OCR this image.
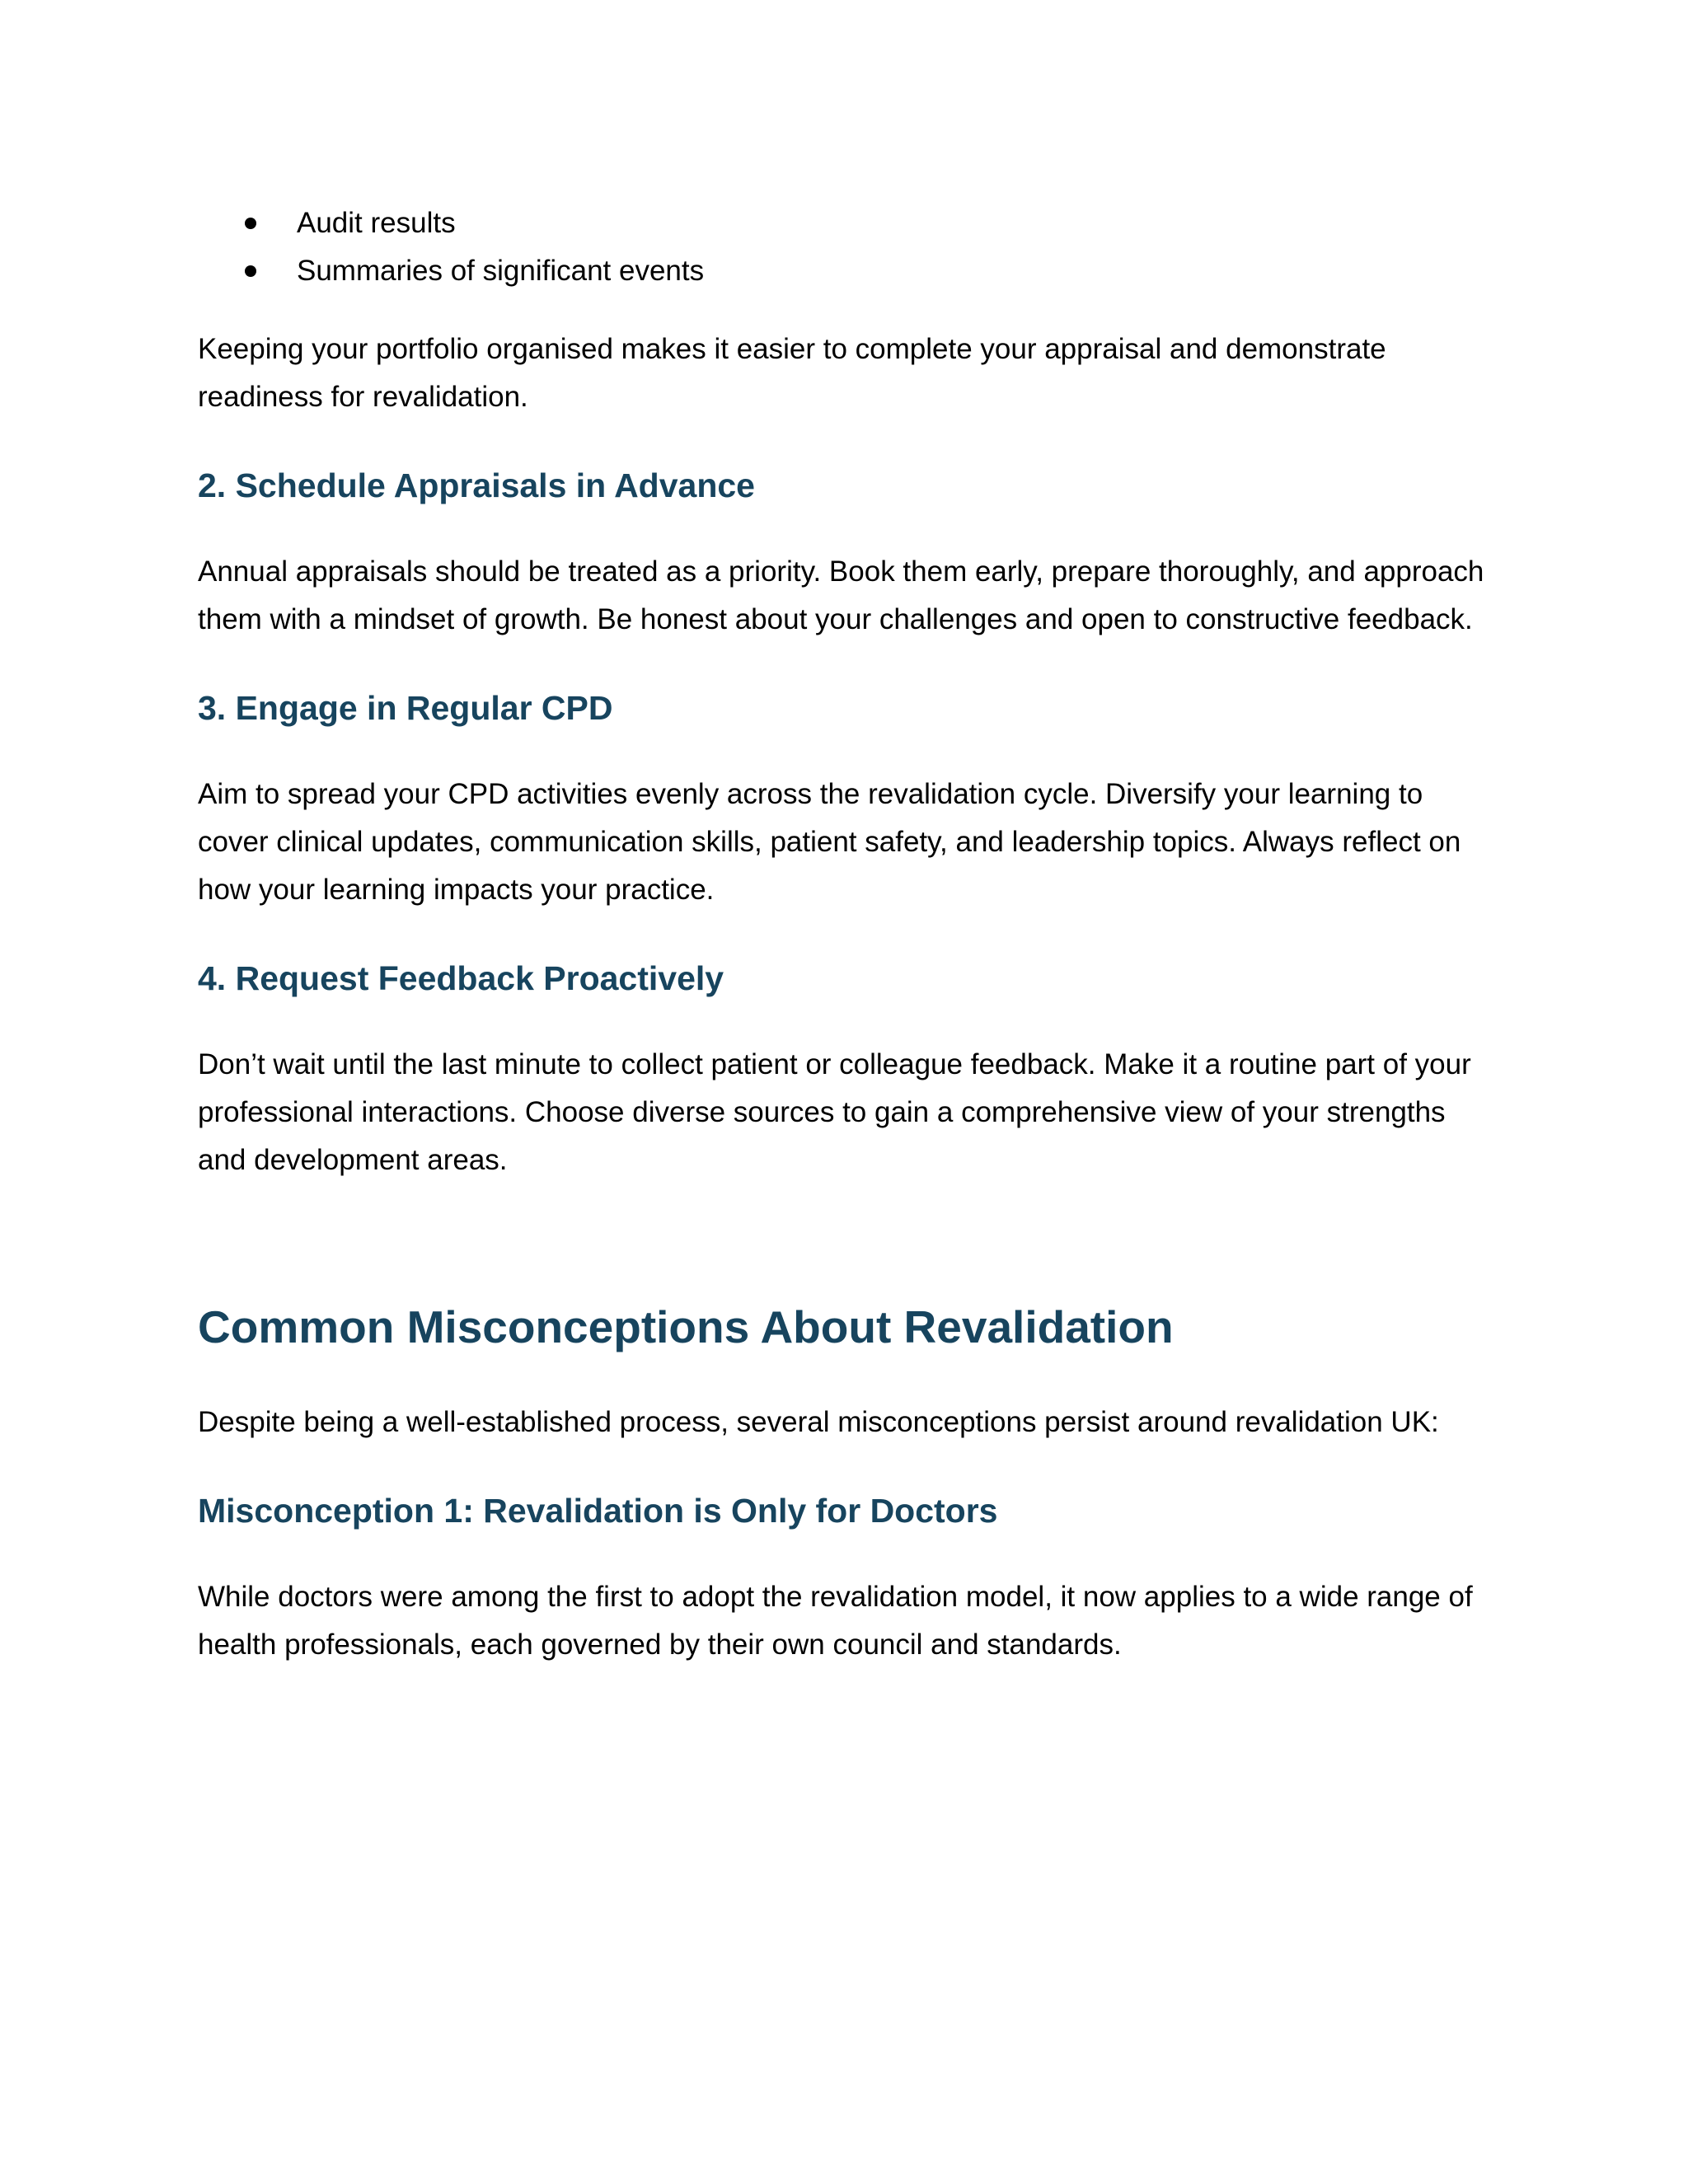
Audit results
Summaries of significant events

Keeping your portfolio organised makes it easier to complete your appraisal and demonstrate readiness for revalidation.

2. Schedule Appraisals in Advance

Annual appraisals should be treated as a priority. Book them early, prepare thoroughly, and approach them with a mindset of growth. Be honest about your challenges and open to constructive feedback.

3. Engage in Regular CPD

Aim to spread your CPD activities evenly across the revalidation cycle. Diversify your learning to cover clinical updates, communication skills, patient safety, and leadership topics. Always reflect on how your learning impacts your practice.

4. Request Feedback Proactively

Don’t wait until the last minute to collect patient or colleague feedback. Make it a routine part of your professional interactions. Choose diverse sources to gain a comprehensive view of your strengths and development areas.

Common Misconceptions About Revalidation

Despite being a well-established process, several misconceptions persist around revalidation UK:

Misconception 1: Revalidation is Only for Doctors

While doctors were among the first to adopt the revalidation model, it now applies to a wide range of health professionals, each governed by their own council and standards.
